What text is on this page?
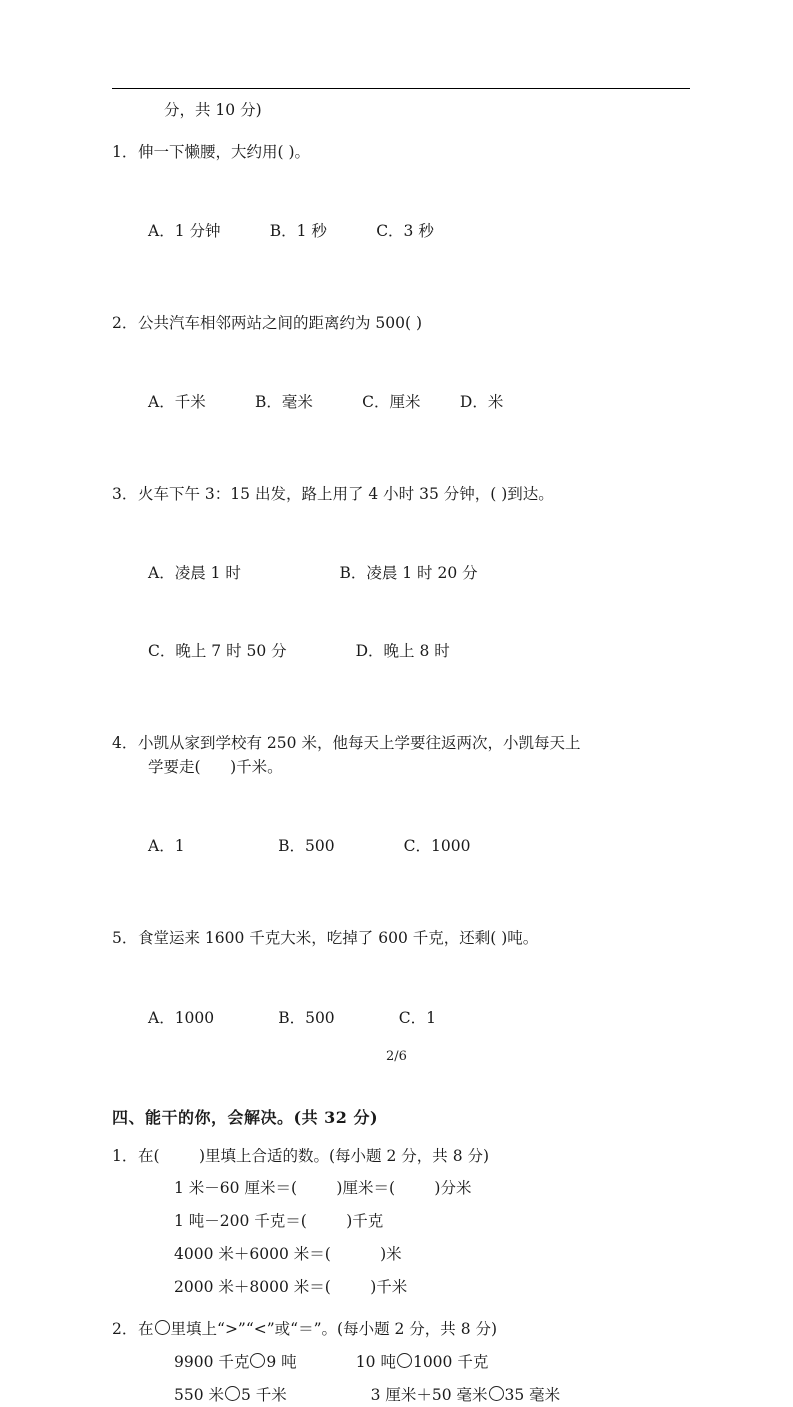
分，共 10 分)
1．伸一下懒腰，大约用( )。

A．1 分钟          B．1 秒          C．3 秒

2．公共汽车相邻两站之间的距离约为 500( )

A．千米          B．毫米          C．厘米        D．米

3．火车下午 3：15 出发，路上用了 4 小时 35 分钟，( )到达。

A．凌晨 1 时                    B．凌晨 1 时 20 分

C．晚上 7 时 50 分              D．晚上 8 时

4．小凯从家到学校有 250 米，他每天上学要往返两次，小凯每天上
学要走(      )千米。

A．1                   B．500              C．1000

5．食堂运来 1600 千克大米，吃掉了 600 千克，还剩( )吨。

A．1000             B．500             C．1

四、能干的你，会解决。(共 32 分)
1．在(        )里填上合适的数。(每小题 2 分，共 8 分)
1 米－60 厘米＝(        )厘米＝(        )分米
1 吨－200 千克＝(        )千克
4000 米＋6000 米＝(          )米
2000 米＋8000 米＝(        )千米
2．在 里填上“>”“<”或“＝”。(每小题 2 分，共 8 分)
9900 千克 9 吨	10 吨 1000 千克
550 米 5 千米	3 厘米＋50 毫米 35 毫米
2/6
